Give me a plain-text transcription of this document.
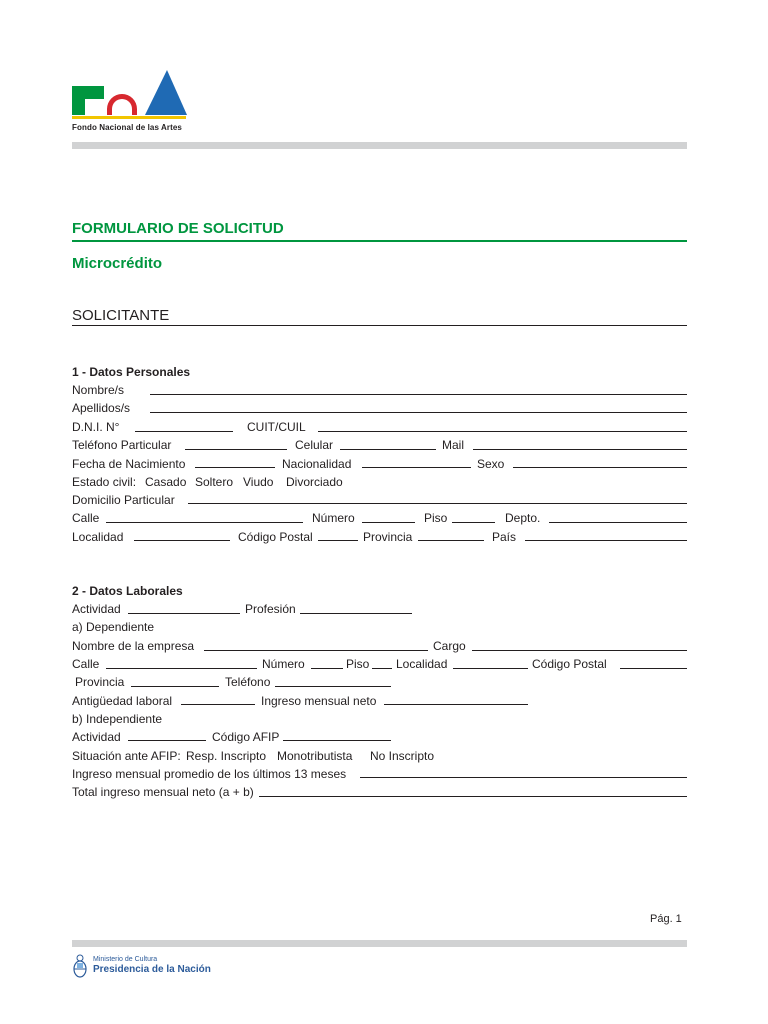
Fondo Nacional de las Artes
FORMULARIO DE SOLICITUD
Microcrédito
SOLICITANTE
1 - Datos Personales
Nombre/s
Apellidos/s
D.N.I. N°	CUIT/CUIL
Teléfono Particular	Celular	Mail
Fecha de Nacimiento	Nacionalidad	Sexo
Estado civil: Casado Soltero Viudo Divorciado
Domicilio Particular
Calle	Número	Piso	Depto.
Localidad	Código Postal	Provincia	País
2 - Datos Laborales
Actividad	Profesión
a) Dependiente
Nombre de la empresa	Cargo
Calle	Número	Piso Localidad	Código Postal
Provincia	Teléfono
Antigüedad laboral	Ingreso mensual neto
b) Independiente
Actividad	Código AFIP
Situación ante AFIP: Resp. Inscripto Monotributista No Inscripto
Ingreso mensual promedio de los últimos 13 meses
Total ingreso mensual neto (a + b)
Pág. 1
Ministerio de Cultura
Presidencia de la Nación
